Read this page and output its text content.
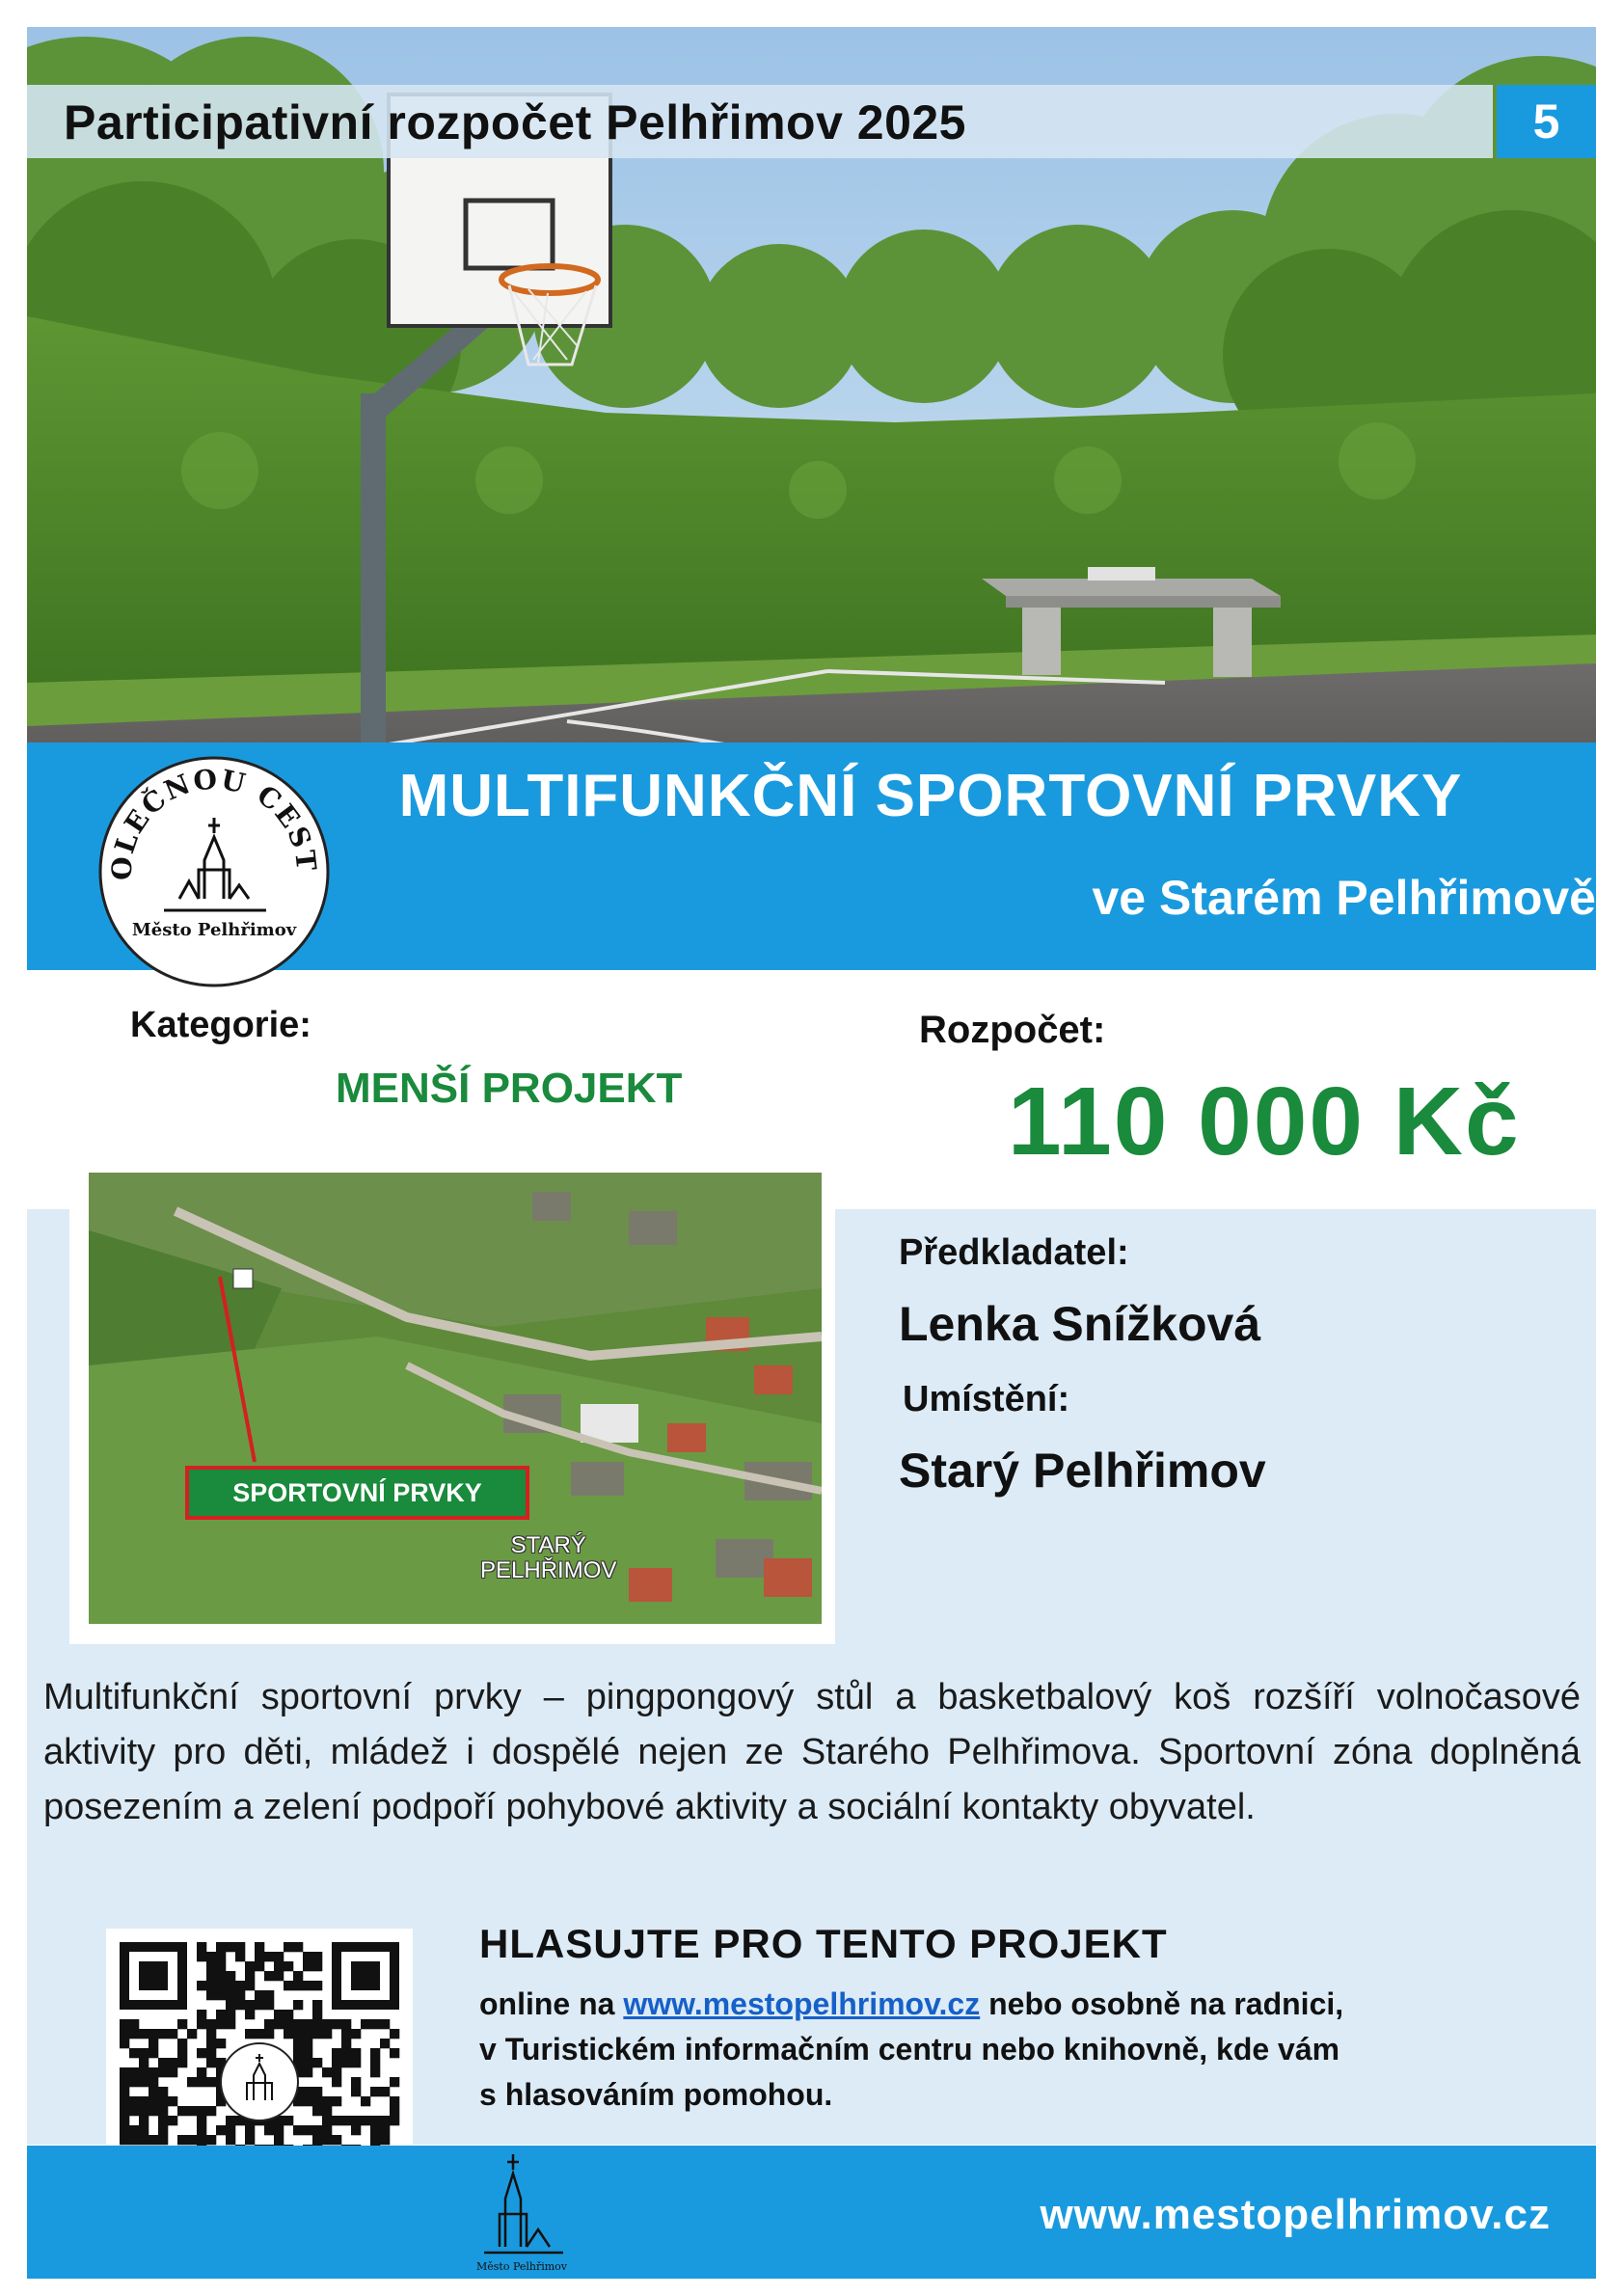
Participativní rozpočet Pelhřimov 2025	5
MULTIFUNKČNÍ SPORTOVNÍ PRVKY
ve Starém Pelhřimově
OLEČNOU CEST
Město Pelhřimov
Kategorie:
MENŠÍ PROJEKT
Rozpočet:
110 000 Kč
SPORTOVNÍ PRVKY
STARÝ
PELHŘIMOV
Předkladatel:
Lenka Snížková
Umístění:
Starý Pelhřimov
Multifunkční sportovní prvky – pingpongový stůl a basketbalový koš rozšíří volnočasové aktivity pro děti, mládež i dospělé nejen ze Starého Pelhřimova. Sportovní zóna doplněná posezením a zelení podpoří pohybové aktivity a sociální kontakty obyvatel.
HLASUJTE PRO TENTO PROJEKT
online na www.mestopelhrimov.cz nebo osobně na radnici,
v Turistickém informačním centru nebo knihovně, kde vám
s hlasováním pomohou.
Město Pelhřimov
www.mestopelhrimov.cz
